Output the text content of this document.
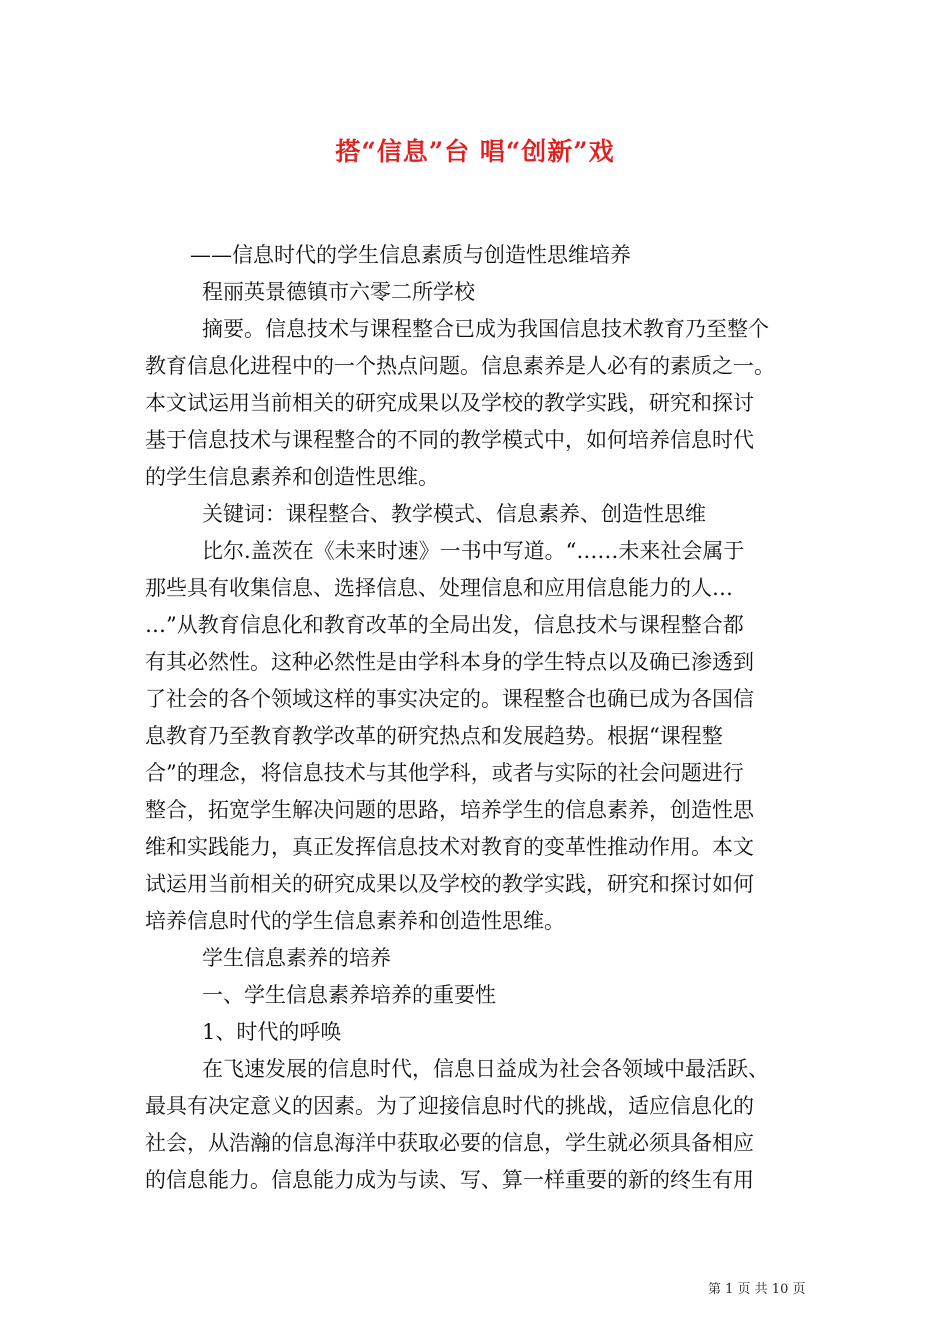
搭“信息”台 唱“创新”戏
——信息时代的学生信息素质与创造性思维培养
程丽英景德镇市六零二所学校
摘要。信息技术与课程整合已成为我国信息技术教育乃至整个
教育信息化进程中的一个热点问题。信息素养是人必有的素质之一。
本文试运用当前相关的研究成果以及学校的教学实践，研究和探讨
基于信息技术与课程整合的不同的教学模式中，如何培养信息时代
的学生信息素养和创造性思维。
关键词：课程整合、教学模式、信息素养、创造性思维
比尔.盖茨在《未来时速》一书中写道。“……未来社会属于
那些具有收集信息、选择信息、处理信息和应用信息能力的人…
…”从教育信息化和教育改革的全局出发，信息技术与课程整合都
有其必然性。这种必然性是由学科本身的学生特点以及确已渗透到
了社会的各个领域这样的事实决定的。课程整合也确已成为各国信
息教育乃至教育教学改革的研究热点和发展趋势。根据“课程整
合”的理念，将信息技术与其他学科，或者与实际的社会问题进行
整合，拓宽学生解决问题的思路，培养学生的信息素养，创造性思
维和实践能力，真正发挥信息技术对教育的变革性推动作用。本文
试运用当前相关的研究成果以及学校的教学实践，研究和探讨如何
培养信息时代的学生信息素养和创造性思维。
学生信息素养的培养
一、学生信息素养培养的重要性
1、时代的呼唤
在飞速发展的信息时代，信息日益成为社会各领域中最活跃、
最具有决定意义的因素。为了迎接信息时代的挑战，适应信息化的
社会，从浩瀚的信息海洋中获取必要的信息，学生就必须具备相应
的信息能力。信息能力成为与读、写、算一样重要的新的终生有用
第 1 页 共 10 页
